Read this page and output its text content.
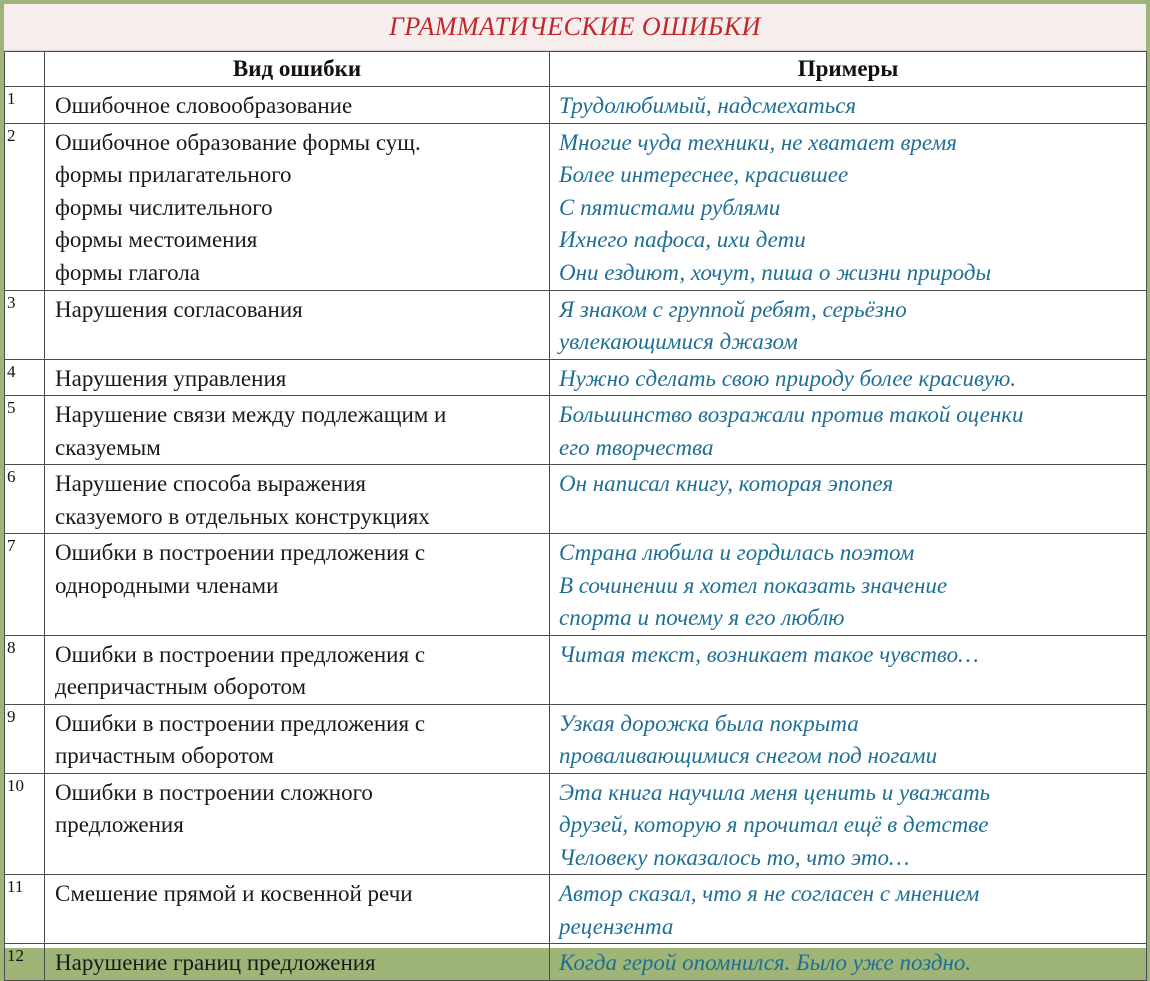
ГРАММАТИЧЕСКИЕ ОШИБКИ
	Вид ошибки	Примеры
1	Ошибочное словообразование	Трудолюбимый, надсмехаться

2	Ошибочное образование формы сущ.
формы прилагательного
формы числительного
формы местоимения
формы глагола	Многие чуда техники, не хватает время
Более интереснее, красившее
С пятистами рублями
Ихнего пафоса, ихи дети
Они ездиют, хочут, пиша о жизни природы

3	Нарушения согласования	Я знаком с группой ребят, серьёзно
увлекающимися джазом

4	Нарушения управления	Нужно сделать свою природу более красивую.

5	Нарушение связи между подлежащим и
сказуемым	Большинство возражали против такой оценки
его творчества

6	Нарушение способа выражения
сказуемого в отдельных конструкциях	Он написал книгу, которая эпопея

7	Ошибки в построении предложения с
однородными членами	Страна любила и гордилась поэтом
В сочинении я хотел показать значение
спорта и почему я его люблю

8	Ошибки в построении предложения с
деепричастным оборотом	Читая текст, возникает такое чувство…

9	Ошибки в построении предложения с
причастным оборотом	Узкая дорожка была покрыта
проваливающимися снегом под ногами

10	Ошибки в построении сложного
предложения	Эта книга научила меня ценить и уважать
друзей, которую я прочитал ещё в детстве
Человеку показалось то, что это…

11	Смешение прямой и косвенной речи	Автор сказал, что я не согласен с мнением
рецензента

12	Нарушение границ предложения	Когда герой опомнился. Было уже поздно.
